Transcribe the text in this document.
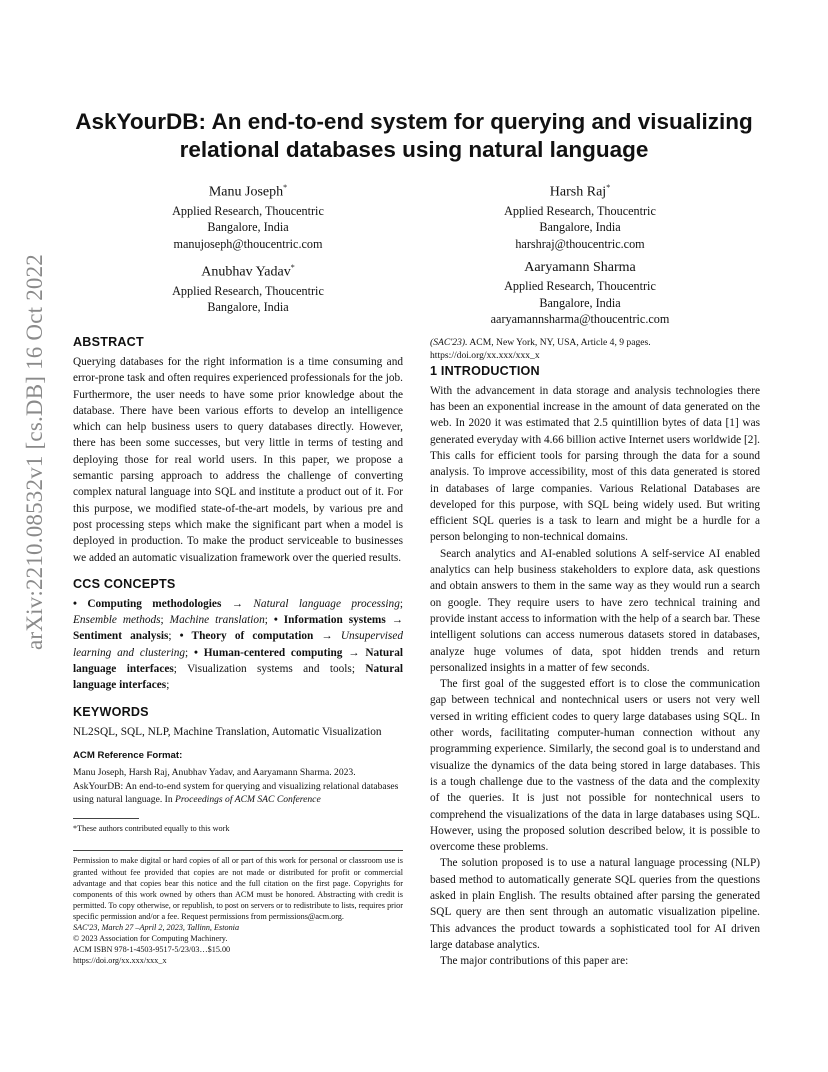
arXiv:2210.08532v1 [cs.DB] 16 Oct 2022
AskYourDB: An end-to-end system for querying and visualizing
relational databases using natural language
Manu Joseph*
Applied Research, Thoucentric
Bangalore, India
manujoseph@thoucentric.com
Harsh Raj*
Applied Research, Thoucentric
Bangalore, India
harshraj@thoucentric.com
Anubhav Yadav*
Applied Research, Thoucentric
Bangalore, India
Aaryamann Sharma
Applied Research, Thoucentric
Bangalore, India
aaryamannsharma@thoucentric.com
ABSTRACT

Querying databases for the right information is a time consuming and error-prone task and often requires experienced professionals for the job. Furthermore, the user needs to have some prior knowledge about the database. There have been various efforts to develop an intelligence which can help business users to query databases directly. However, there has been some successes, but very little in terms of testing and deploying those for real world users. In this paper, we propose a semantic parsing approach to address the challenge of converting complex natural language into SQL and institute a product out of it. For this purpose, we modified state-of-the-art models, by various pre and post processing steps which make the significant part when a model is deployed in production. To make the product serviceable to businesses we added an automatic visualization framework over the queried results.

CCS CONCEPTS

• Computing methodologies → Natural language processing; Ensemble methods; Machine translation; • Information systems → Sentiment analysis; • Theory of computation → Unsupervised learning and clustering; • Human-centered computing → Natural language interfaces; Visualization systems and tools; Natural language interfaces;

KEYWORDS

NL2SQL, SQL, NLP, Machine Translation, Automatic Visualization

ACM Reference Format:
Manu Joseph, Harsh Raj, Anubhav Yadav, and Aaryamann Sharma. 2023. AskYourDB: An end-to-end system for querying and visualizing relational databases using natural language. In Proceedings of ACM SAC Conference
*These authors contributed equally to this work
Permission to make digital or hard copies of all or part of this work for personal or classroom use is granted without fee provided that copies are not made or distributed for profit or commercial advantage and that copies bear this notice and the full citation on the first page. Copyrights for components of this work owned by others than ACM must be honored. Abstracting with credit is permitted. To copy otherwise, or republish, to post on servers or to redistribute to lists, requires prior specific permission and/or a fee. Request permissions from permissions@acm.org.
SAC'23, March 27 –April 2, 2023, Tallinn, Estonia
© 2023 Association for Computing Machinery.
ACM ISBN 978-1-4503-9517-5/23/03…$15.00
https://doi.org/xx.xxx/xxx_x
(SAC'23). ACM, New York, NY, USA, Article 4, 9 pages. https://doi.org/xx.xxx/xxx_x
1 INTRODUCTION

With the advancement in data storage and analysis technologies there has been an exponential increase in the amount of data generated on the web. In 2020 it was estimated that 2.5 quintillion bytes of data [1] was generated everyday with 4.66 billion active Internet users worldwide [2]. This calls for efficient tools for parsing through the data for a sound analysis. To improve accessibility, most of this data generated is stored in databases of large companies. Various Relational Databases are developed for this purpose, with SQL being widely used. But writing efficient SQL queries is a task to learn and might be a hurdle for a person belonging to non-technical domains.

Search analytics and AI-enabled solutions A self-service AI enabled analytics can help business stakeholders to explore data, ask questions and obtain answers to them in the same way as they would run a search on google. They require users to have zero technical training and provide instant access to information with the help of a search bar. These intelligent solutions can access numerous datasets stored in databases, analyze huge volumes of data, spot hidden trends and return personalized insights in a matter of few seconds.

The first goal of the suggested effort is to close the communication gap between technical and nontechnical users or users not very well versed in writing efficient codes to query large databases using SQL. In other words, facilitating computer-human connection without any programming experience. Similarly, the second goal is to understand and visualize the dynamics of the data being stored in large databases. This is a tough challenge due to the vastness of the data and the complexity of the queries. It is just not possible for nontechnical users to comprehend the visualizations of the data in large databases using SQL. However, using the proposed solution described below, it is possible to overcome these problems.

The solution proposed is to use a natural language processing (NLP) based method to automatically generate SQL queries from the questions asked in plain English. The results obtained after parsing the generated SQL query are then sent through an automatic visualization pipeline. This advances the product towards a sophisticated tool for AI driven large database analytics.

The major contributions of this paper are:
